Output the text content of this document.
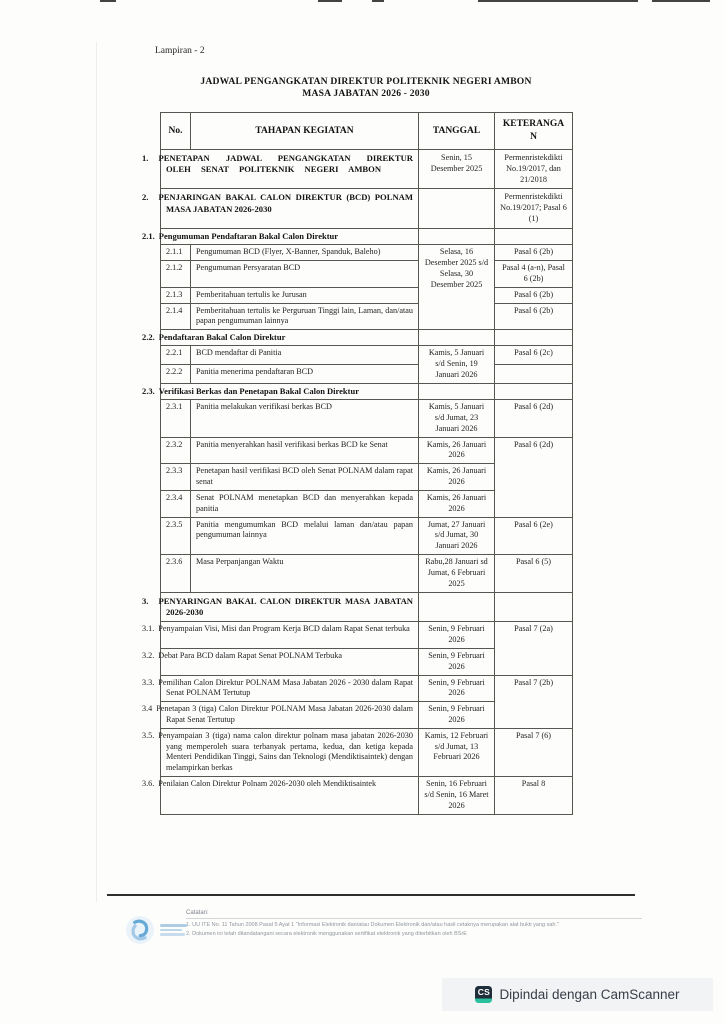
Lampiran - 2
JADWAL PENGANGKATAN DIREKTUR POLITEKNIK NEGERI AMBON
MASA JABATAN 2026 - 2030
No.	TAHAPAN KEGIATAN	TANGGAL	KETERANGAN
1. PENETAPAN JADWAL PENGANGKATAN DIREKTUR OLEH SENAT POLITEKNIK NEGERI AMBON		Senin, 15 Desember 2025	Permenristekdikti No.19/2017, dan 21/2018
2. PENJARINGAN BAKAL CALON DIREKTUR (BCD) POLNAM MASA JABATAN 2026-2030			Permenristekdikti No.19/2017; Pasal 6 (1)
2.1. Pengumuman Pendaftaran Bakal Calon Direktur			
2.1.1	Pengumuman BCD (Flyer, X-Banner, Spanduk, Baleho)	Selasa, 16 Desember 2025 s/d Selasa, 30 Desember 2025	Pasal 6 (2b)
2.1.2	Pengumuman Persyaratan BCD		Pasal 4 (a-n), Pasal 6 (2b)
2.1.3	Pemberitahuan tertulis ke Jurusan		Pasal 6 (2b)
2.1.4	Pemberitahuan tertulis ke Perguruan Tinggi lain, Laman, dan/atau papan pengumuman lainnya		Pasal 6 (2b)
2.2. Pendaftaran Bakal Calon Direktur			
2.2.1	BCD mendaftar di Panitia	Kamis, 5 Januari s/d Senin, 19 Januari 2026	Pasal 6 (2c)
2.2.2	Panitia menerima pendaftaran BCD		
2.3. Verifikasi Berkas dan Penetapan Bakal Calon Direktur			
2.3.1	Panitia melakukan verifikasi berkas BCD	Kamis, 5 Januari s/d Jumat, 23 Januari 2026	Pasal 6 (2d)
2.3.2	Panitia menyerahkan hasil verifikasi berkas BCD ke Senat	Kamis, 26 Januari 2026	Pasal 6 (2d)
2.3.3	Penetapan hasil verifikasi BCD oleh Senat POLNAM dalam rapat senat	Kamis, 26 Januari 2026	
2.3.4	Senat POLNAM menetapkan BCD dan menyerahkan kepada panitia	Kamis, 26 Januari 2026	
2.3.5	Panitia mengumumkan BCD melalui laman dan/atau papan pengumuman lainnya	Jumat, 27 Januari s/d Jumat, 30 Januari 2026	Pasal 6 (2e)
2.3.6	Masa Perpanjangan Waktu	Rabu,28 Januari sd Jumat, 6 Februari 2025	Pasal 6 (5)
3. PENYARINGAN BAKAL CALON DIREKTUR MASA JABATAN 2026-2030			
3.1. Penyampaian Visi, Misi dan Program Kerja BCD dalam Rapat Senat terbuka		Senin, 9 Februari 2026	Pasal 7 (2a)
3.2. Debat Para BCD dalam Rapat Senat POLNAM Terbuka		Senin, 9 Februari 2026	
3.3. Pemilihan Calon Direktur POLNAM Masa Jabatan 2026 - 2030 dalam Rapat Senat POLNAM Tertutup		Senin, 9 Februari 2026	Pasal 7 (2b)
3.4 Penetapan 3 (tiga) Calon Direktur POLNAM Masa Jabatan 2026-2030 dalam Rapat Senat Tertutup		Senin, 9 Februari 2026	
3.5. Penyampaian 3 (tiga) nama calon direktur polnam masa jabatan 2026-2030 yang memperoleh suara terbanyak pertama, kedua, dan ketiga kepada Menteri Pendidikan Tinggi, Sains dan Teknologi (Mendiktisaintek) dengan melampirkan berkas		Kamis, 12 Februari s/d Jumat, 13 Februari 2026	Pasal 7 (6)
3.6. Penilaian Calon Direktur Polnam 2026-2030 oleh Mendiktisaintek		Senin, 16 Februari s/d Senin, 16 Maret 2026	Pasal 8
Catatan:
1. UU ITE No. 11 Tahun 2008 Pasal 5 Ayat 1 "Informasi Elektronik dan/atau Dokumen Elektronik dan/atau hasil cetaknya merupakan alat bukti yang sah."
2. Dokumen ini telah ditandatangani secara elektronik menggunakan sertifikat elektronik yang diterbitkan oleh BSrE
CS Dipindai dengan CamScanner
